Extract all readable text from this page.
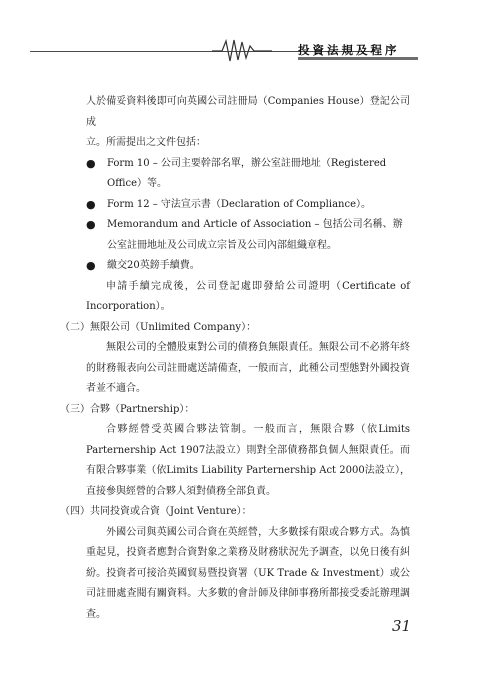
投資法規及程序

人於備妥資料後即可向英國公司註冊局（Companies House）登記公司成

立。所需提出之文件包括：

● Form 10 – 公司主要幹部名單，辦公室註冊地址（Registered Office）等。

● Form 12 – 守法宣示書（Declaration of Compliance）。

● Memorandum and Article of Association – 包括公司名稱、辦公室註冊地址及公司成立宗旨及公司內部組織章程。

● 繳交20英鎊手續費。

申請手續完成後，公司登記處即發給公司證明（Certificate of Incorporation）。

（二）無限公司（Unlimited Company）：

無限公司的全體股東對公司的債務負無限責任。無限公司不必將年終的財務報表向公司註冊處送請備查，一般而言，此種公司型態對外國投資者並不適合。

（三）合夥（Partnership）：

合夥經營受英國合夥法管制。一般而言，無限合夥（依Limits Parternership Act 1907法設立）則對全部債務都負個人無限責任。而有限合夥事業（依Limits Liability Parternership Act 2000法設立），直接參與經營的合夥人須對債務全部負責。

（四）共同投資或合資（Joint Venture）：

外國公司與英國公司合資在英經營，大多數採有限或合夥方式。為慎重起見，投資者應對合資對象之業務及財務狀況先予調查，以免日後有糾紛。投資者可接洽英國貿易暨投資署（UK Trade & Investment）或公司註冊處查閱有關資料。大多數的會計師及律師事務所都接受委託辦理調查。

31
